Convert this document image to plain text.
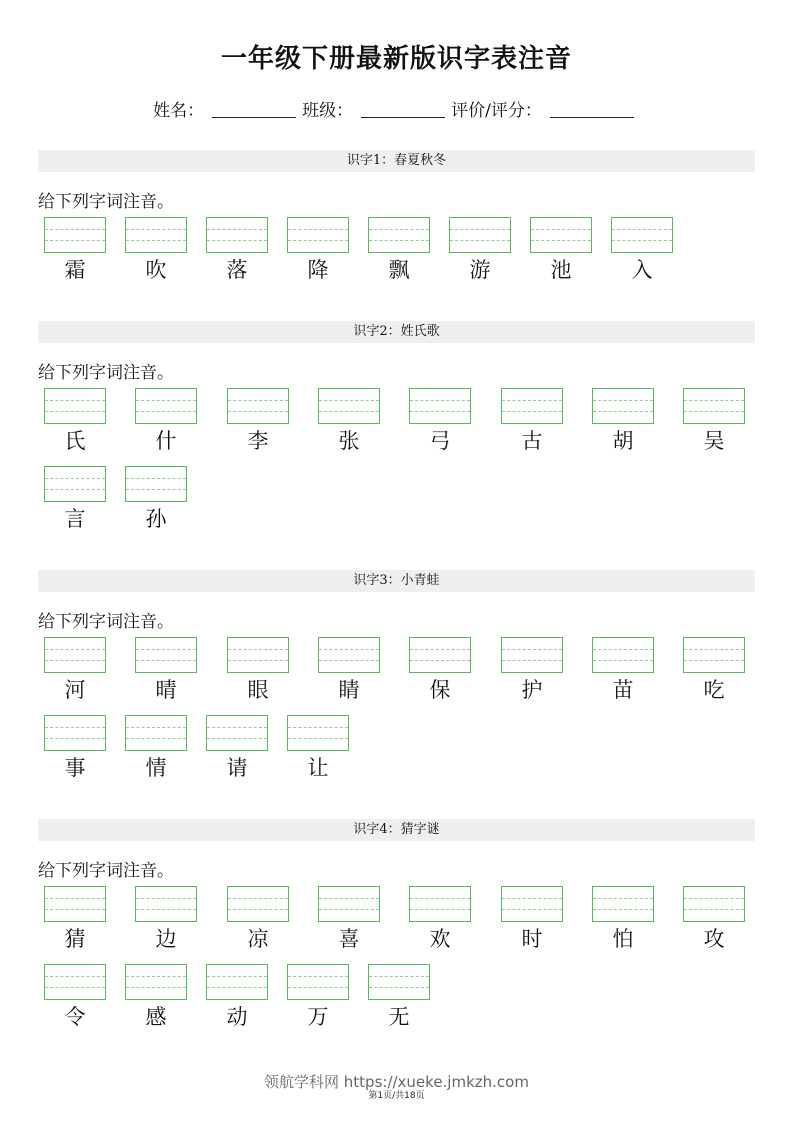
一年级下册最新版识字表注音
姓名：	班级：	评价/评分：
识字1：春夏秋冬
给下列字词注音。
霜	吹	落	降	飘	游	池	入
识字2：姓氏歌
给下列字词注音。
氏	什	李	张	弓	古	胡	吴
言	孙
识字3：小青蛙
给下列字词注音。
河	晴	眼	睛	保	护	苗	吃
事	情	请	让
识字4：猜字谜
给下列字词注音。
猜	边	凉	喜	欢	时	怕	攻
令	感	动	万	无
领航学科网 https://xueke.jmkzh.com
第1页/共18页
